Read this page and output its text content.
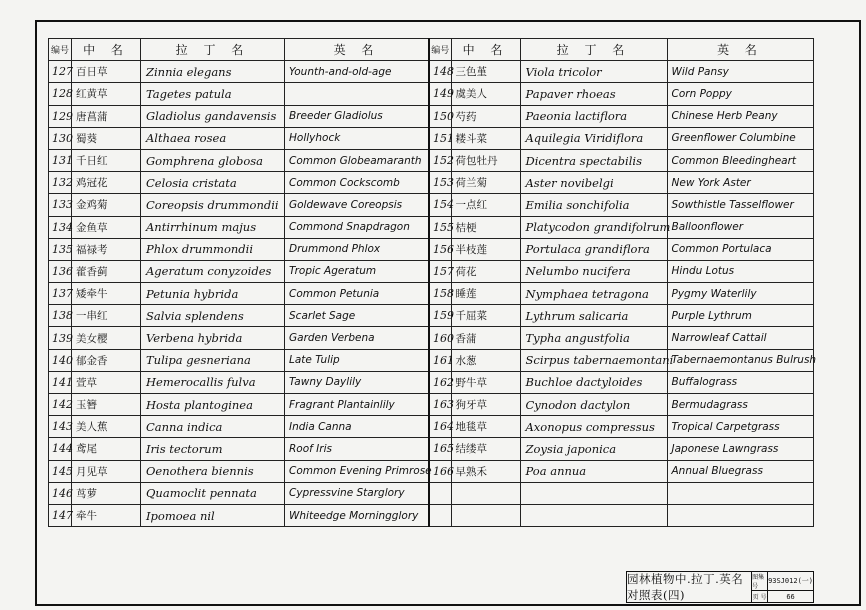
编号	中 名	拉 丁 名	英 名
127	百日草	Zinnia elegans	Younth-and-old-age
128	红黄草	Tagetes patula	
129	唐菖蒲	Gladiolus gandavensis	Breeder Gladiolus
130	蜀葵	Althaea rosea	Hollyhock
131	千日红	Gomphrena globosa	Common Globeamaranth
132	鸡冠花	Celosia cristata	Common Cockscomb
133	金鸡菊	Coreopsis drummondii	Goldewave Coreopsis
134	金鱼草	Antirrhinum majus	Commond Snapdragon
135	福禄考	Phlox drummondii	Drummond Phlox
136	藿香蓟	Ageratum conyzoides	Tropic Ageratum
137	矮牵牛	Petunia hybrida	Common Petunia
138	一串红	Salvia splendens	Scarlet Sage
139	美女樱	Verbena hybrida	Garden Verbena
140	郁金香	Tulipa gesneriana	Late Tulip
141	萱草	Hemerocallis fulva	Tawny Daylily
142	玉簪	Hosta plantoginea	Fragrant Plantainlily
143	美人蕉	Canna indica	India Canna
144	鸢尾	Iris tectorum	Roof Iris
145	月见草	Oenothera biennis	Common Evening Primrose
146	茑萝	Quamoclit pennata	Cypressvine Starglory
147	牵牛	Ipomoea nil	Whiteedge Morningglory
编号	中 名	拉 丁 名	英 名
148	三色堇	Viola tricolor	Wild Pansy
149	虞美人	Papaver rhoeas	Corn Poppy
150	芍药	Paeonia lactiflora	Chinese Herb Peany
151	耧斗菜	Aquilegia Viridiflora	Greenflower Columbine
152	荷包牡丹	Dicentra spectabilis	Common Bleedingheart
153	荷兰菊	Aster novibelgi	New York Aster
154	一点红	Emilia sonchifolia	Sowthistle Tasselflower
155	桔梗	Platycodon grandifolrum	Balloonflower
156	半枝莲	Portulaca grandiflora	Common Portulaca
157	荷花	Nelumbo nucifera	Hindu Lotus
158	睡莲	Nymphaea tetragona	Pygmy Waterlily
159	千屈菜	Lythrum salicaria	Purple Lythrum
160	香蒲	Typha angustfolia	Narrowleaf Cattail
161	水葱	Scirpus tabernaemontani	Tabernaemontanus Bulrush
162	野牛草	Buchloe dactyloides	Buffalograss
163	狗牙草	Cynodon dactylon	Bermudagrass
164	地毯草	Axonopus compressus	Tropical Carpetgrass
165	结缕草	Zoysia japonica	Japonese Lawngrass
166	早熟禾	Poa annua	Annual Bluegrass

园林植物中.拉丁.英名对照表(四)
图集号
93SJ012(一)
页 号	66
